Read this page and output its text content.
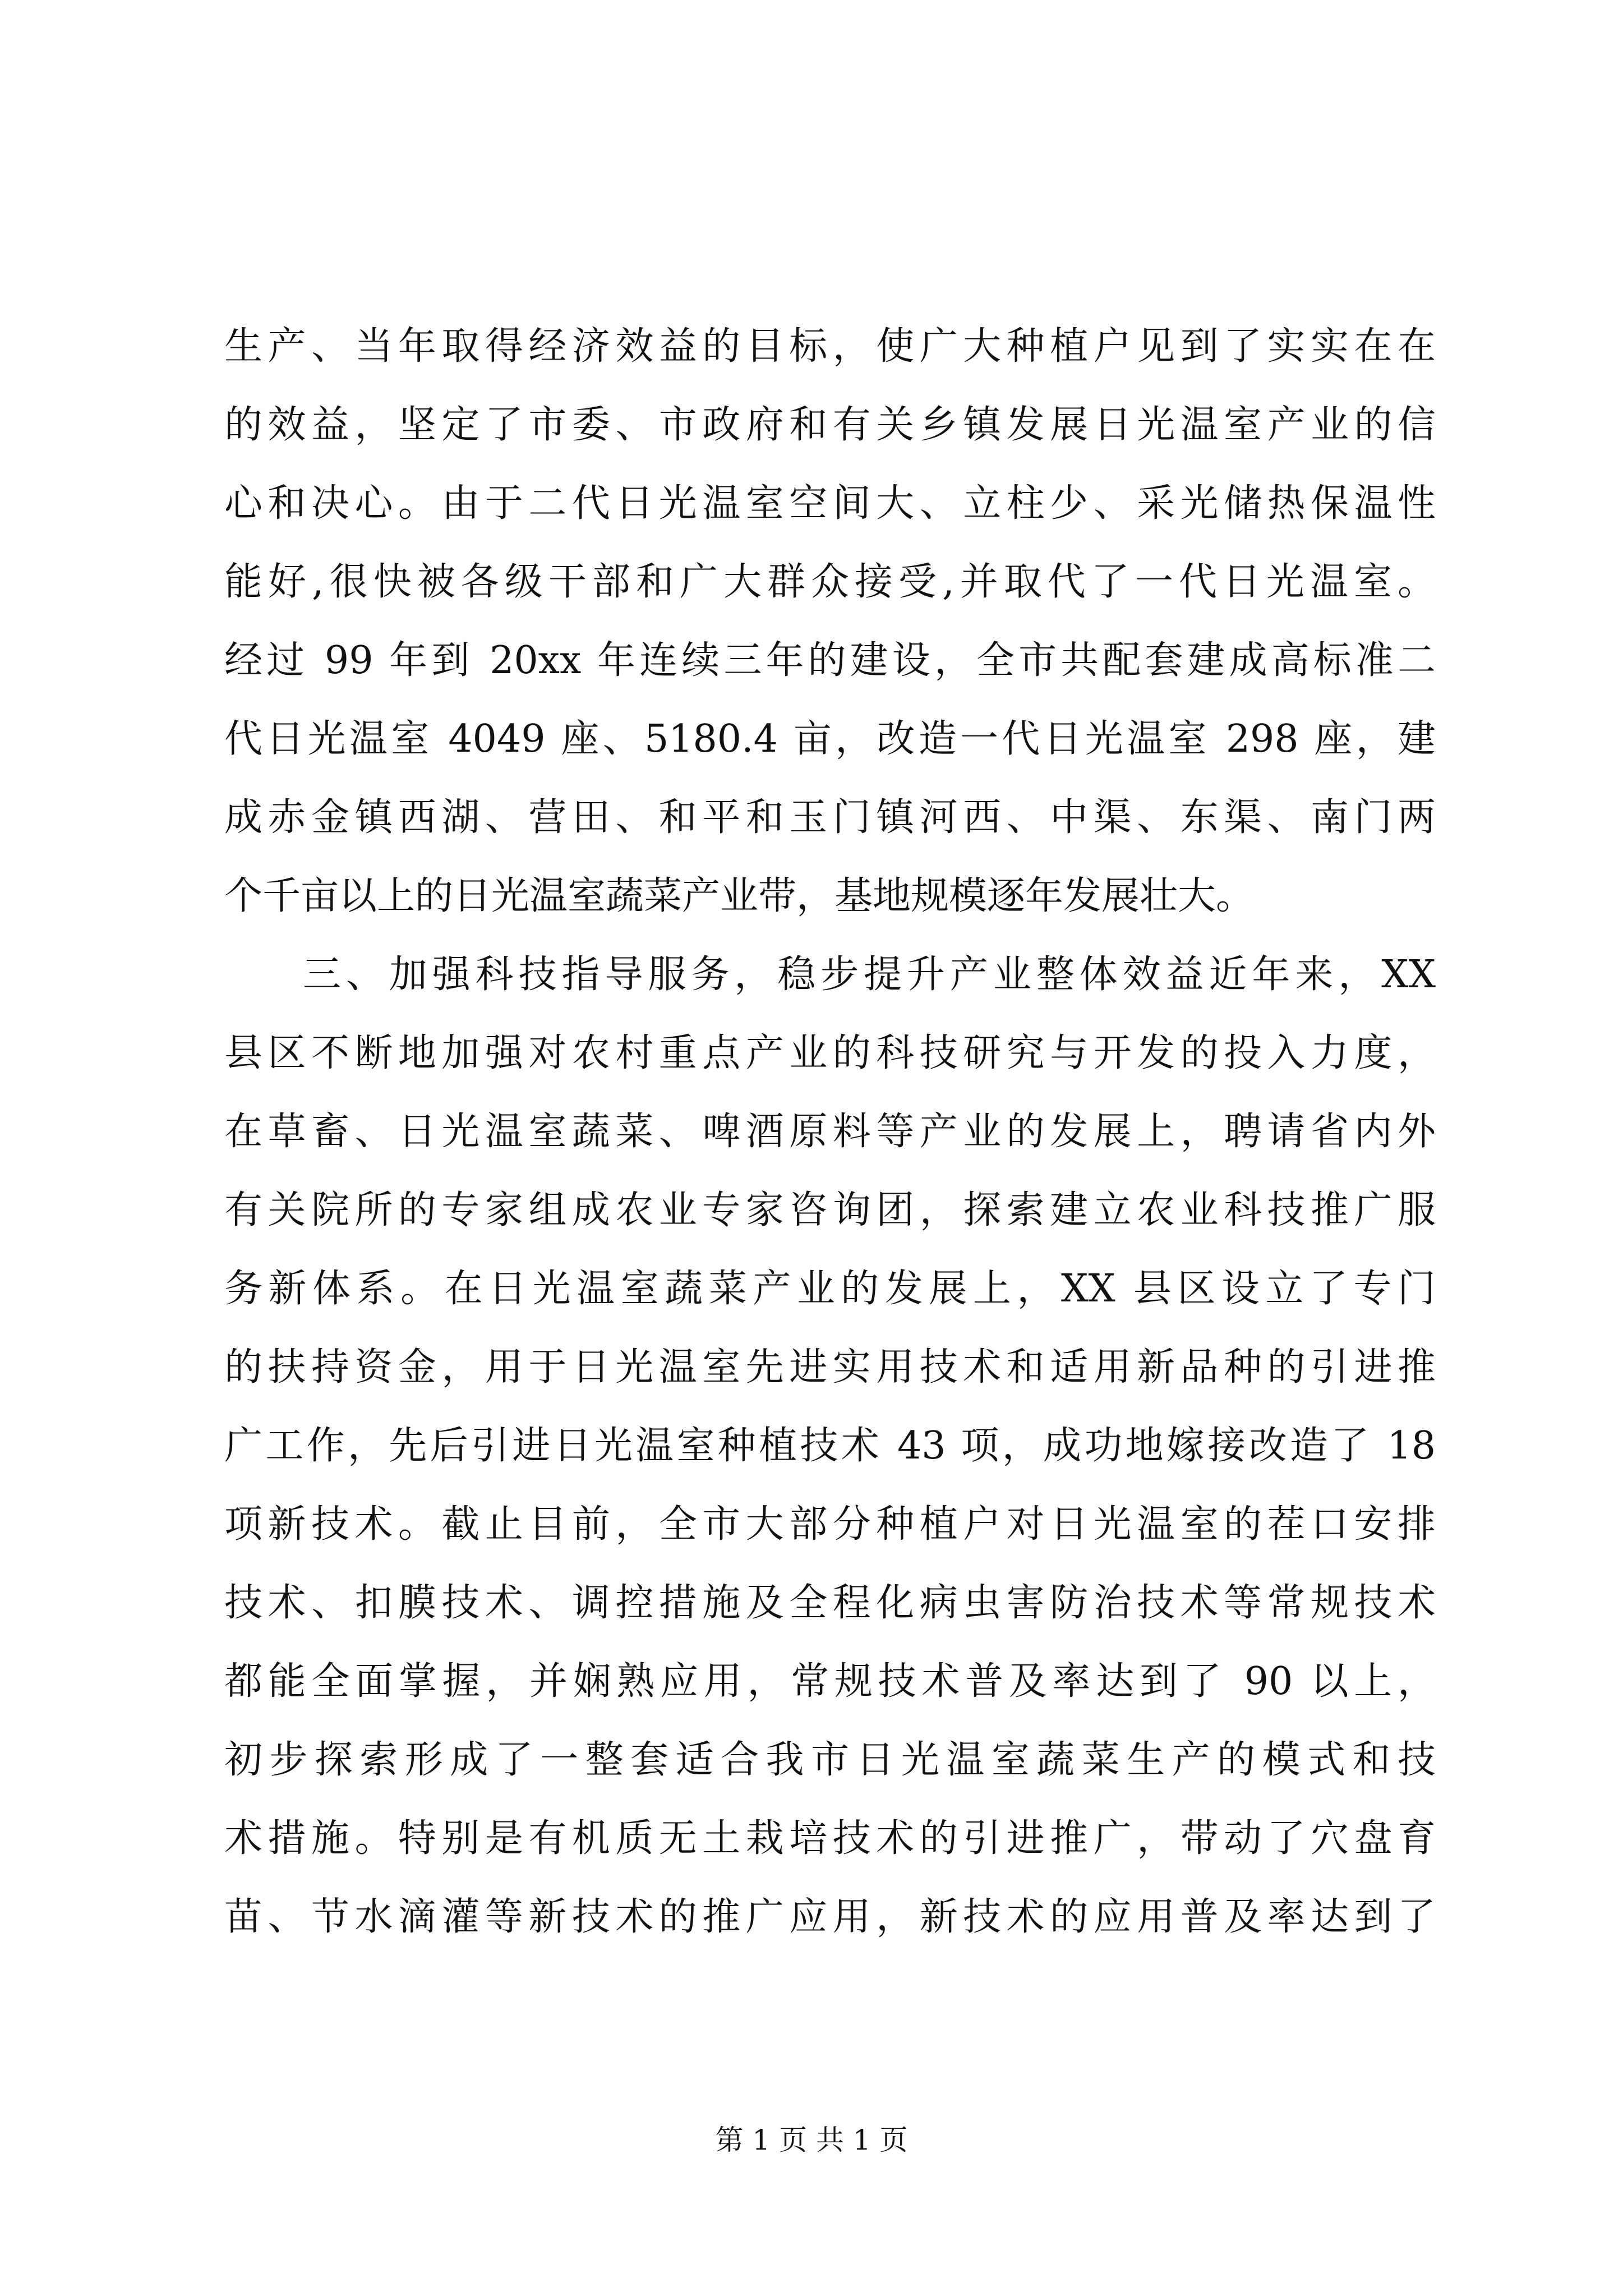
生产、当年取得经济效益的目标，使广大种植户见到了实实在在
的效益，坚定了市委、市政府和有关乡镇发展日光温室产业的信
心和决心。由于二代日光温室空间大、立柱少、采光储热保温性
能好,很快被各级干部和广大群众接受,并取代了一代日光温室。
经过 99 年到 20xx 年连续三年的建设，全市共配套建成高标准二
代日光温室 4049 座、5180.4 亩，改造一代日光温室 298 座，建
成赤金镇西湖、营田、和平和玉门镇河西、中渠、东渠、南门两
个千亩以上的日光温室蔬菜产业带，基地规模逐年发展壮大。
三、加强科技指导服务，稳步提升产业整体效益近年来，XX
县区不断地加强对农村重点产业的科技研究与开发的投入力度，
在草畜、日光温室蔬菜、啤酒原料等产业的发展上，聘请省内外
有关院所的专家组成农业专家咨询团，探索建立农业科技推广服
务新体系。在日光温室蔬菜产业的发展上，XX 县区设立了专门
的扶持资金，用于日光温室先进实用技术和适用新品种的引进推
广工作，先后引进日光温室种植技术 43 项，成功地嫁接改造了 18
项新技术。截止目前，全市大部分种植户对日光温室的茬口安排
技术、扣膜技术、调控措施及全程化病虫害防治技术等常规技术
都能全面掌握，并娴熟应用，常规技术普及率达到了 90 以上，
初步探索形成了一整套适合我市日光温室蔬菜生产的模式和技
术措施。特别是有机质无土栽培技术的引进推广，带动了穴盘育
苗、节水滴灌等新技术的推广应用，新技术的应用普及率达到了
第 1 页 共 1 页
